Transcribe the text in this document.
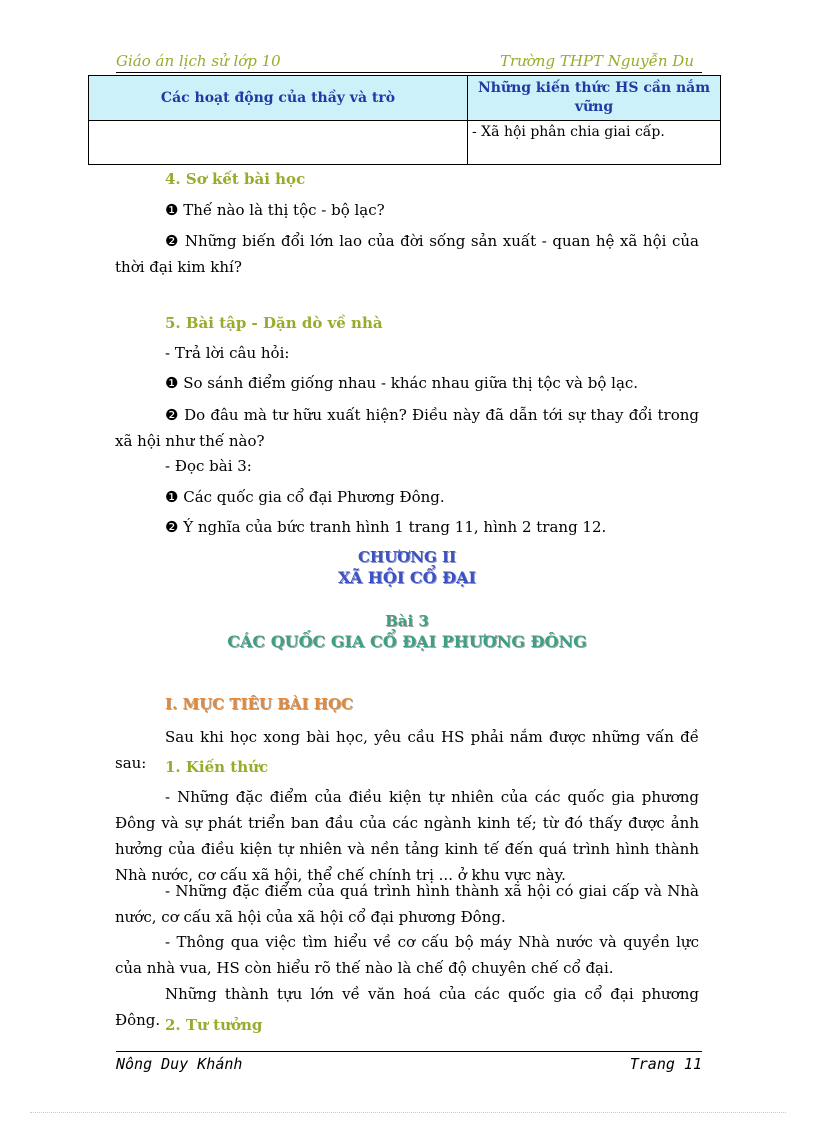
Giáo án lịch sử lớp 10	Trường THPT Nguyễn Du
Các hoạt động của thầy và trò	Những kiến thức HS cần nắm vững
	- Xã hội phân chia giai cấp.
4. Sơ kết bài học
❶ Thế nào là thị tộc - bộ lạc?
❷ Những biến đổi lớn lao của đời sống sản xuất - quan hệ xã hội của thời đại kim khí?
5. Bài tập - Dặn dò về nhà
- Trả lời câu hỏi:
❶ So sánh điểm giống nhau - khác nhau giữa thị tộc và bộ lạc.
❷ Do đâu mà tư hữu xuất hiện? Điều này đã dẫn tới sự thay đổi trong xã hội như thế nào?
- Đọc bài 3:
❶ Các quốc gia cổ đại Phương Đông.
❷ Ý nghĩa của bức tranh hình 1 trang 11, hình 2 trang 12.
CHƯƠNG II
XÃ HỘI CỔ ĐẠI
Bài 3
CÁC QUỐC GIA CỔ ĐẠI PHƯƠNG ĐÔNG
I. MỤC TIÊU BÀI HỌC
Sau khi học xong bài học, yêu cầu HS phải nắm được những vấn đề sau:	1. Kiến thức
- Những đặc điểm của điều kiện tự nhiên của các quốc gia phương Đông và sự phát triển ban đầu của các ngành kinh tế; từ đó thấy được ảnh hưởng của điều kiện tự nhiên và nền tảng kinh tế đến quá trình hình thành Nhà nước, cơ cấu xã hội, thể chế chính trị ... ở khu vực này.
- Những đặc điểm của quá trình hình thành xã hội có giai cấp và Nhà nước, cơ cấu xã hội của xã hội cổ đại phương Đông.
- Thông qua việc tìm hiểu về cơ cấu bộ máy Nhà nước và quyền lực của nhà vua, HS còn hiểu rõ thế nào là chế độ chuyên chế cổ đại.
Những thành tựu lớn về văn hoá của các quốc gia cổ đại phương Đông. 2. Tư tưởng
Nông Duy Khánh	Trang 11
